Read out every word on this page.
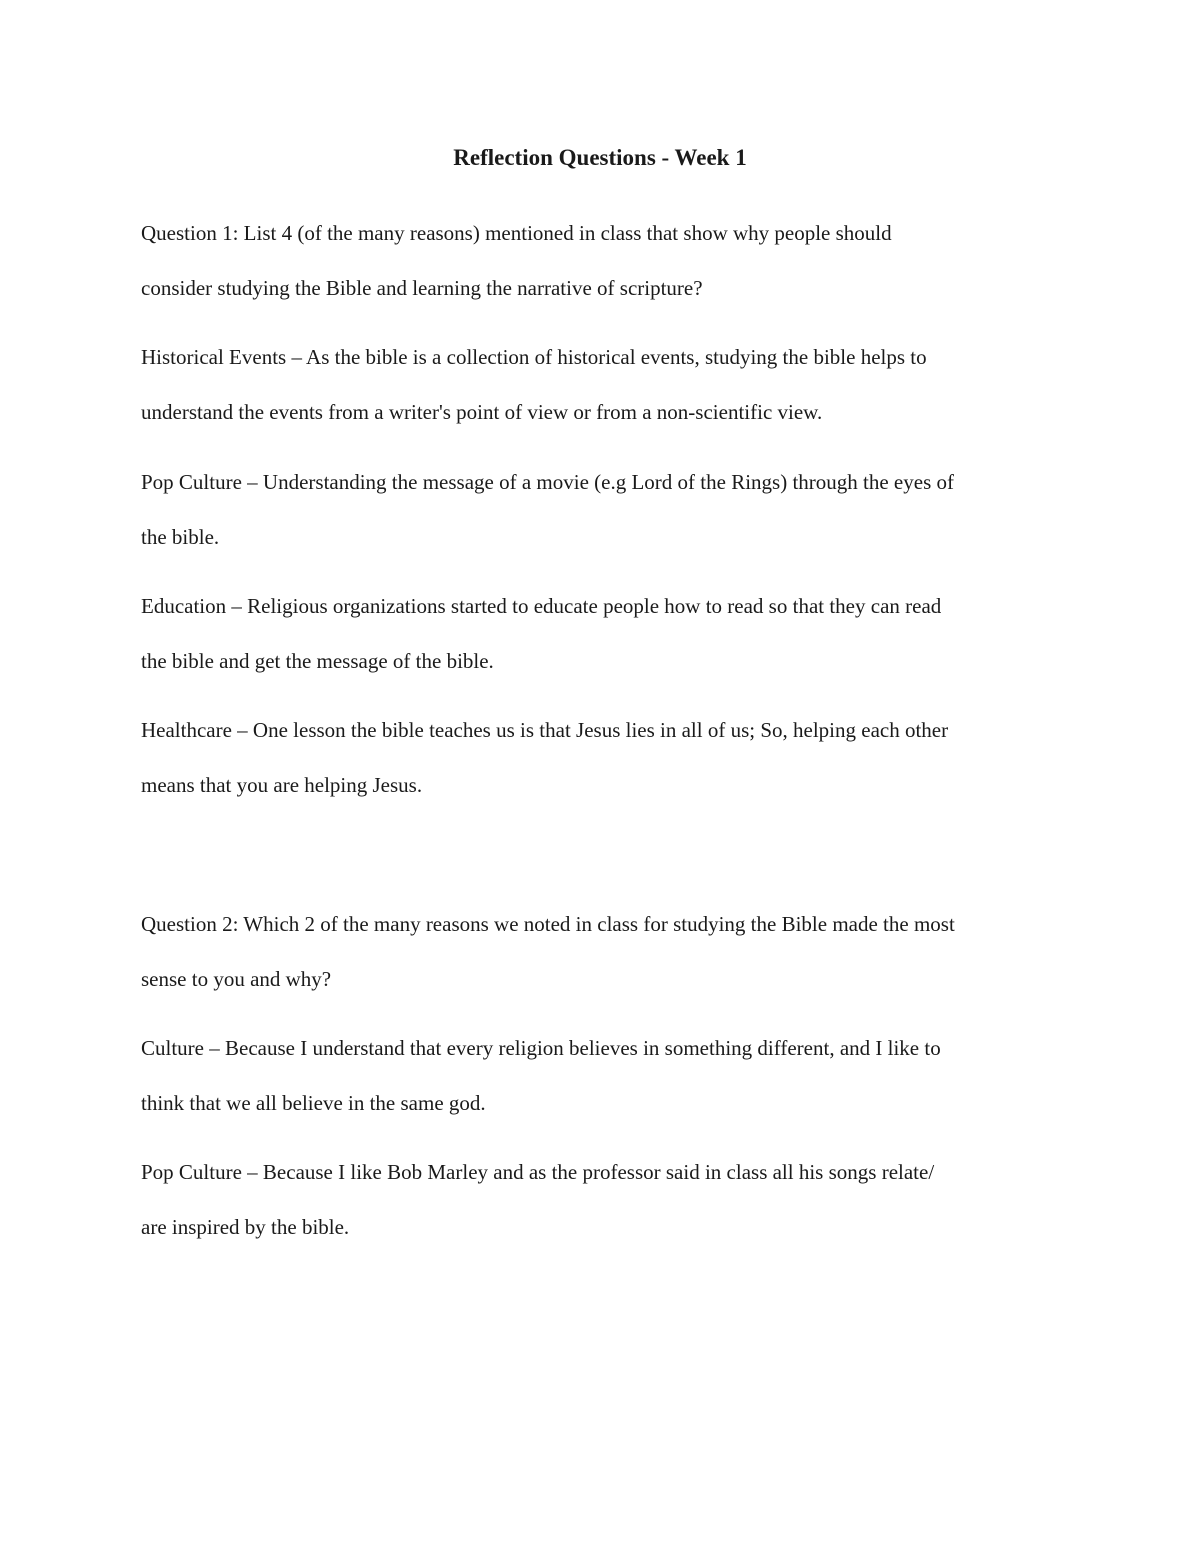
Reflection Questions - Week 1

Question 1: List 4 (of the many reasons) mentioned in class that show why people should
consider studying the Bible and learning the narrative of scripture?

Historical Events – As the bible is a collection of historical events, studying the bible helps to
understand the events from a writer's point of view or from a non-scientific view.

Pop Culture – Understanding the message of a movie (e.g Lord of the Rings) through the eyes of
the bible.

Education – Religious organizations started to educate people how to read so that they can read
the bible and get the message of the bible.

Healthcare – One lesson the bible teaches us is that Jesus lies in all of us; So, helping each other
means that you are helping Jesus.

Question 2: Which 2 of the many reasons we noted in class for studying the Bible made the most
sense to you and why?

Culture – Because I understand that every religion believes in something different, and I like to
think that we all believe in the same god.

Pop Culture – Because I like Bob Marley and as the professor said in class all his songs relate/
are inspired by the bible.
